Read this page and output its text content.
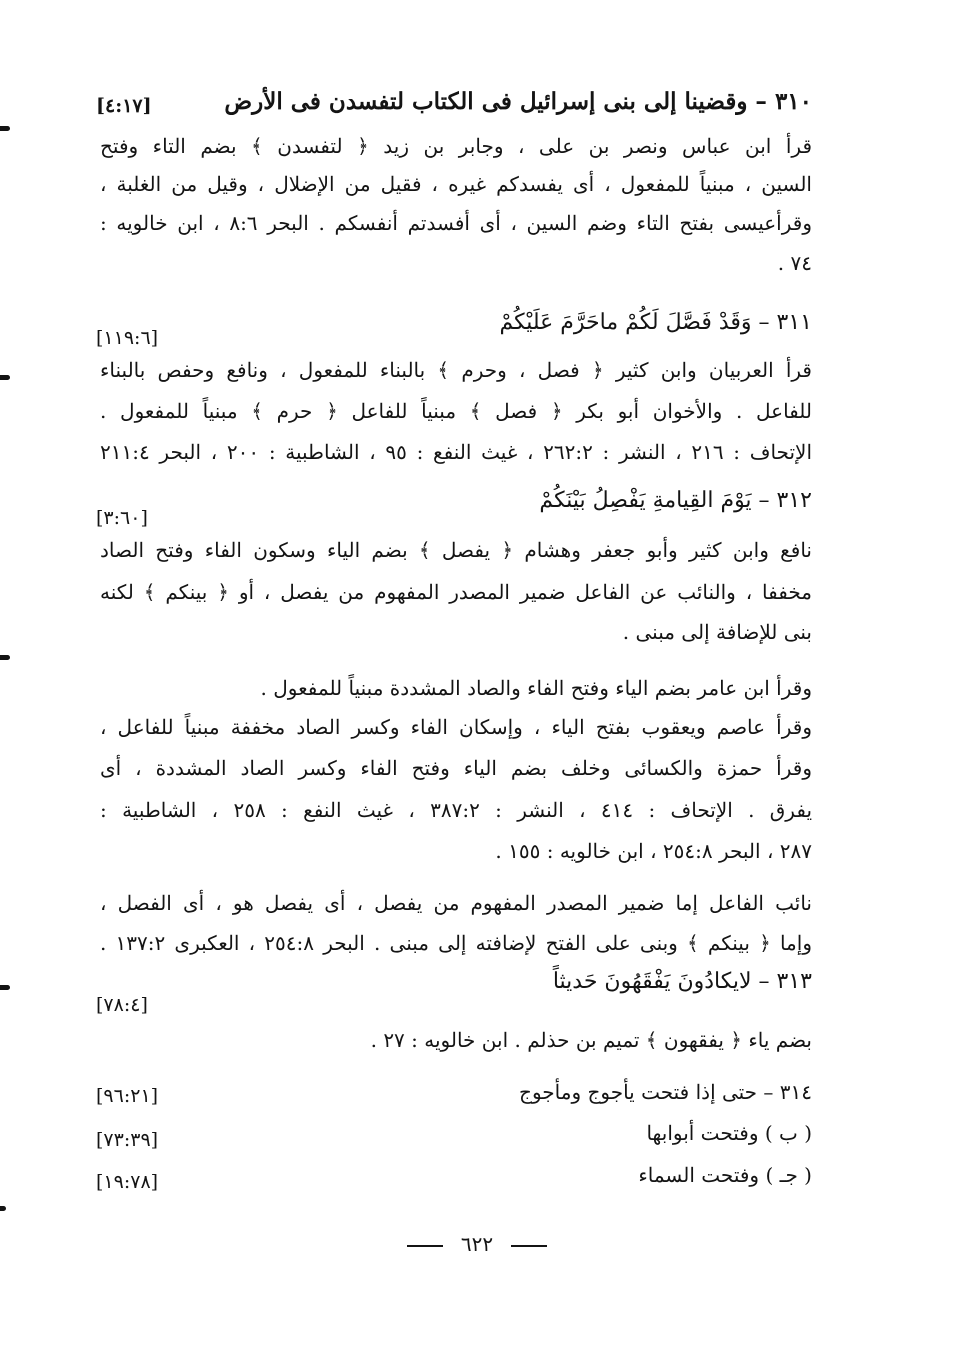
٣١٠ – وقضينا إلى بنى إسرائيل فى الكتاب لتفسدن فى الأرض
[٤:١٧]
قرأ ابن عباس ونصر بن على ، وجابر بن زيد ﴿ لتفسدن ﴾ بضم التاء وفتح
السين ، مبنياً للمفعول ، أى يفسدكم غيره ، فقيل من الإضلال ، وقيل من الغلبة ،
وقرأعيسى بفتح التاء وضم السين ، أى أفسدتم أنفسكم . البحر ٨:٦ ، ابن خالويه :
٧٤ .
٣١١ – وَقَدْ فَصَّلَ لَكُمْ ماحَرَّمَ عَلَيْكُمْ
[١١٩:٦]
قرأ العربيان وابن كثير ﴿ فصل ، وحرم ﴾ بالبناء للمفعول ، ونافع وحفص بالبناء
للفاعل . والأخوان أبو بكر ﴿ فصل ﴾ مبنياً للفاعل ﴿ حرم ﴾ مبنياً للمفعول .
الإتحاف : ٢١٦ ، النشر : ٢٦٢:٢ ، غيث النفع : ٩٥ ، الشاطبية : ٢٠٠ ، البحر ٢١١:٤
٣١٢ – يَوْمَ القِيامةِ يَفْصِلُ بَيْنَكُمْ
[٣:٦٠]
نافع وابن كثير وأبو جعفر وهشام ﴿ يفصل ﴾ بضم الياء وسكون الفاء وفتح الصاد
مخففا ، والنائب عن الفاعل ضمير المصدر المفهوم من يفصل ، أو ﴿ بينكم ﴾ لكنه
بنى للإضافة إلى مبنى .
وقرأ ابن عامر بضم الياء وفتح الفاء والصاد المشددة مبنياً للمفعول .
وقرأ عاصم ويعقوب بفتح الياء ، وإسكان الفاء وكسر الصاد مخففة مبنياً للفاعل ،
وقرأ حمزة والكسائى وخلف بضم الياء وفتح الفاء وكسر الصاد المشددة ، أى
يفرق . الإتحاف : ٤١٤ ، النشر : ٣٨٧:٢ ، غيث النفع : ٢٥٨ ، الشاطبية :
٢٨٧ ، البحر ٢٥٤:٨ ، ابن خالويه : ١٥٥ .
نائب الفاعل إما ضمير المصدر المفهوم من يفصل ، أى يفصل هو ، أى الفصل ،
وإما ﴿ بينكم ﴾ وبنى على الفتح لإضافته إلى مبنى . البحر ٢٥٤:٨ ، العكبرى ١٣٧:٢ .
٣١٣ – لايكادُونَ يَفْقَهُونَ حَديثاً
[٧٨:٤]
بضم ياء ﴿ يفقهون ﴾ تميم بن حذلم . ابن خالويه : ٢٧ .
٣١٤ – حتى إذا فتحت يأجوج ومأجوج
[٩٦:٢١]
( ب ) وفتحت أبوابها
[٧٣:٣٩]
( جـ ) وفتحت السماء
[١٩:٧٨]
٦٢٢
